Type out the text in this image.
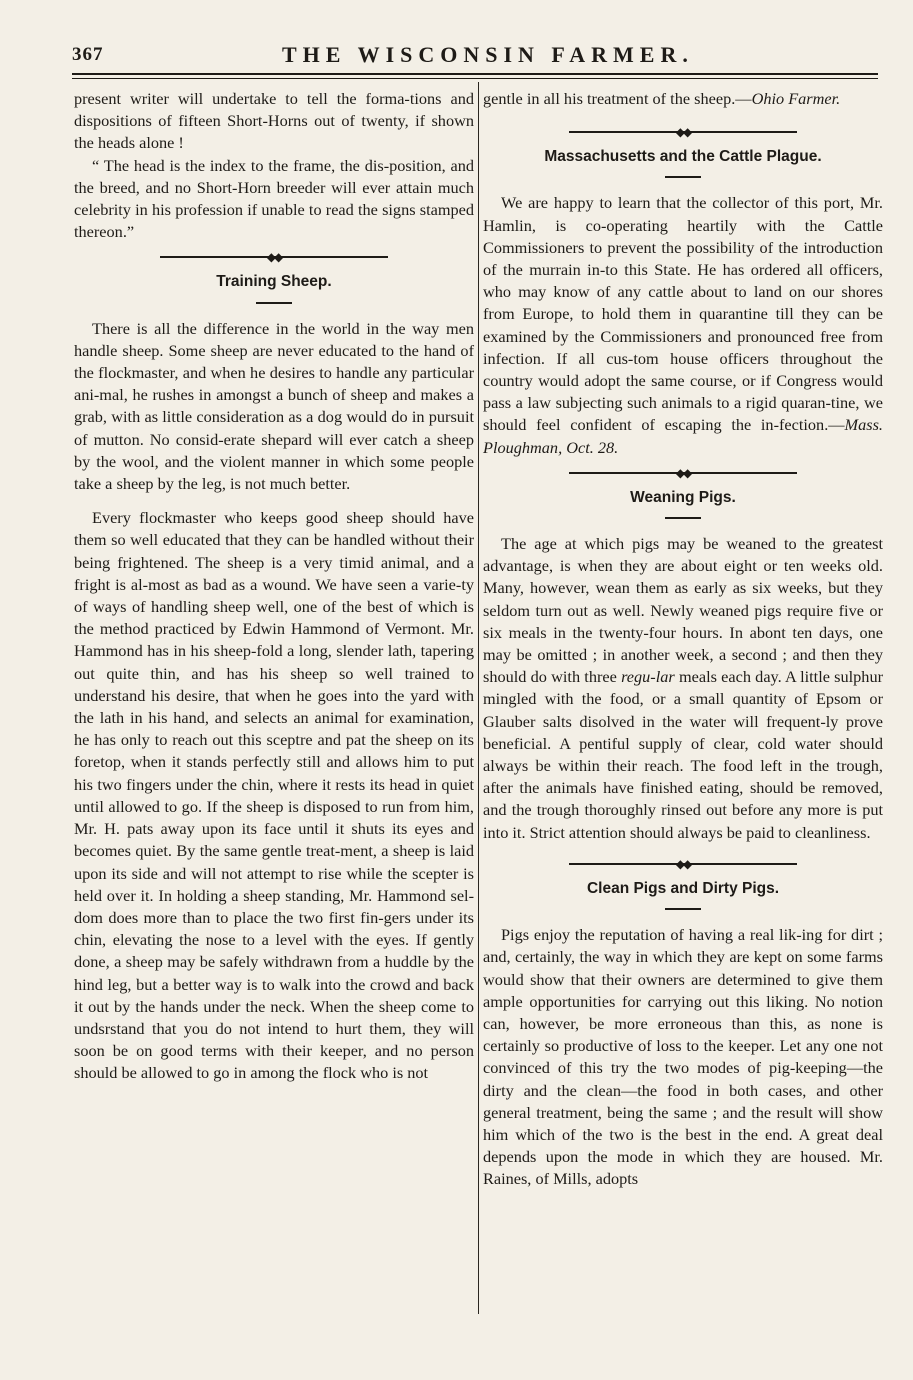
367	THE WISCONSIN FARMER.

present writer will undertake to tell the forma-tions and dispositions of fifteen Short-Horns out of twenty, if shown the heads alone !

“ The head is the index to the frame, the dis-position, and the breed, and no Short-Horn breeder will ever attain much celebrity in his profession if unable to read the signs stamped thereon.”

◆◆
Training Sheep.

There is all the difference in the world in the way men handle sheep. Some sheep are never educated to the hand of the flockmaster, and when he desires to handle any particular ani-mal, he rushes in amongst a bunch of sheep and makes a grab, with as little consideration as a dog would do in pursuit of mutton. No consid-erate shepard will ever catch a sheep by the wool, and the violent manner in which some people take a sheep by the leg, is not much better.

Every flockmaster who keeps good sheep should have them so well educated that they can be handled without their being frightened. The sheep is a very timid animal, and a fright is al-most as bad as a wound. We have seen a varie-ty of ways of handling sheep well, one of the best of which is the method practiced by Edwin Hammond of Vermont. Mr. Hammond has in his sheep-fold a long, slender lath, tapering out quite thin, and has his sheep so well trained to understand his desire, that when he goes into the yard with the lath in his hand, and selects an animal for examination, he has only to reach out this sceptre and pat the sheep on its foretop, when it stands perfectly still and allows him to put his two fingers under the chin, where it rests its head in quiet until allowed to go. If the sheep is disposed to run from him, Mr. H. pats away upon its face until it shuts its eyes and becomes quiet. By the same gentle treat-ment, a sheep is laid upon its side and will not attempt to rise while the scepter is held over it. In holding a sheep standing, Mr. Hammond sel-dom does more than to place the two first fin-gers under its chin, elevating the nose to a level with the eyes. If gently done, a sheep may be safely withdrawn from a huddle by the hind leg, but a better way is to walk into the crowd and back it out by the hands under the neck. When the sheep come to undsrstand that you do not intend to hurt them, they will soon be on good terms with their keeper, and no person should be allowed to go in among the flock who is not

gentle in all his treatment of the sheep.—Ohio Farmer.

◆◆
Massachusetts and the Cattle Plague.

We are happy to learn that the collector of this port, Mr. Hamlin, is co-operating heartily with the Cattle Commissioners to prevent the possibility of the introduction of the murrain in-to this State. He has ordered all officers, who may know of any cattle about to land on our shores from Europe, to hold them in quarantine till they can be examined by the Commissioners and pronounced free from infection. If all cus-tom house officers throughout the country would adopt the same course, or if Congress would pass a law subjecting such animals to a rigid quaran-tine, we should feel confident of escaping the in-fection.—Mass. Ploughman, Oct. 28.

◆◆
Weaning Pigs.

The age at which pigs may be weaned to the greatest advantage, is when they are about eight or ten weeks old. Many, however, wean them as early as six weeks, but they seldom turn out as well. Newly weaned pigs require five or six meals in the twenty-four hours. In abont ten days, one may be omitted ; in another week, a second ; and then they should do with three regu-lar meals each day. A little sulphur mingled with the food, or a small quantity of Epsom or Glauber salts disolved in the water will frequent-ly prove beneficial. A pentiful supply of clear, cold water should always be within their reach. The food left in the trough, after the animals have finished eating, should be removed, and the trough thoroughly rinsed out before any more is put into it. Strict attention should always be paid to cleanliness.

◆◆
Clean Pigs and Dirty Pigs.

Pigs enjoy the reputation of having a real lik-ing for dirt ; and, certainly, the way in which they are kept on some farms would show that their owners are determined to give them ample opportunities for carrying out this liking. No notion can, however, be more erroneous than this, as none is certainly so productive of loss to the keeper. Let any one not convinced of this try the two modes of pig-keeping—the dirty and the clean—the food in both cases, and other general treatment, being the same ; and the result will show him which of the two is the best in the end. A great deal depends upon the mode in which they are housed. Mr. Raines, of Mills, adopts
